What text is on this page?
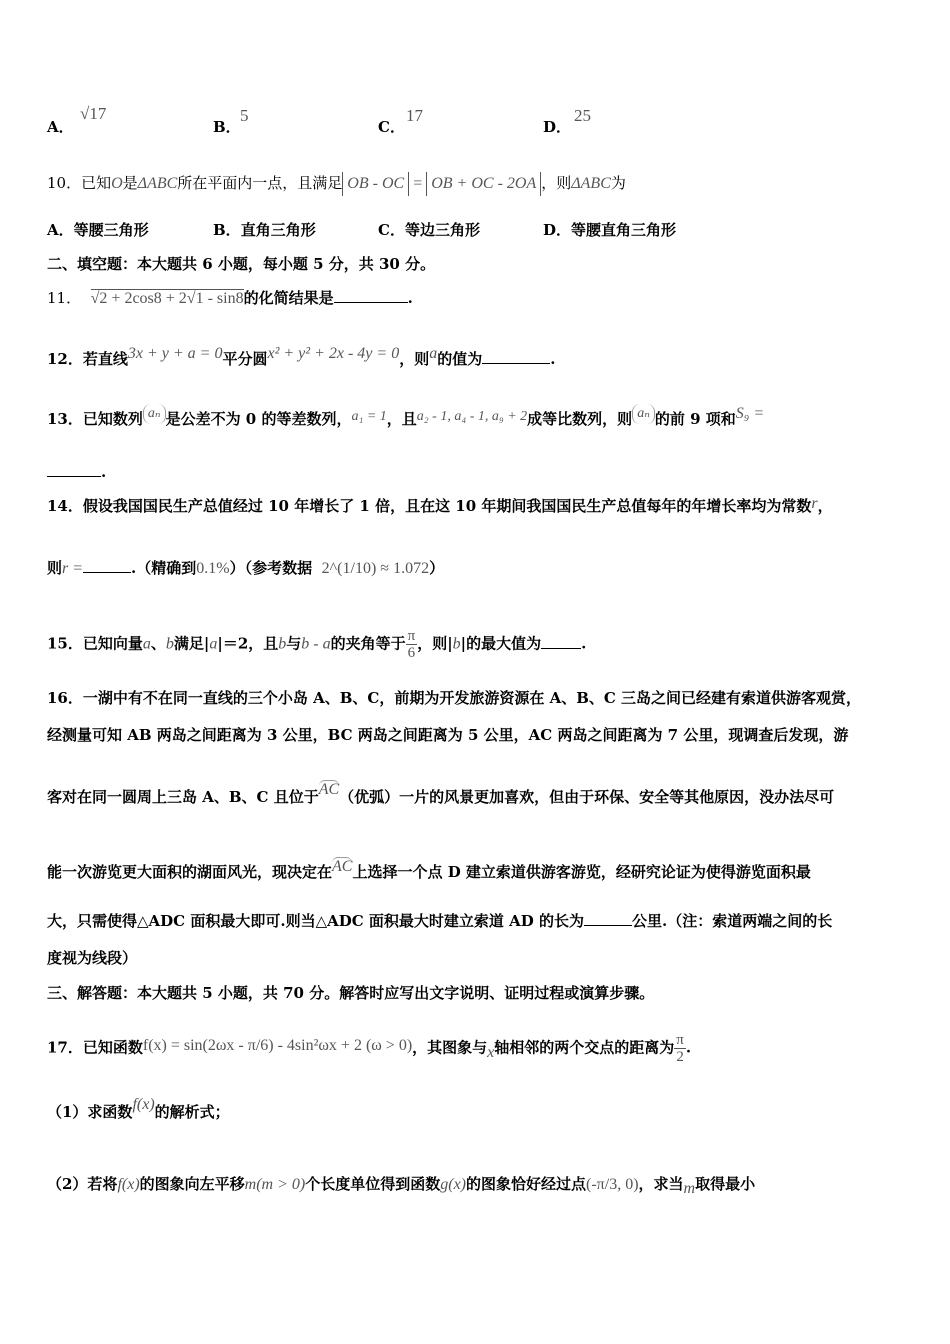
A．
√17
B．
5
C．
17
D．
25
10．已知O是ΔABC所在平面内一点，且满足 OB - OC = OB + OC - 2OA ，则ΔABC为
A．等腰三角形	B．直角三角形	C．等边三角形	D．等腰直角三角形
二、填空题：本大题共 6 小题，每小题 5 分，共 30 分。
11． √2 + 2cos8 + 2√1 - sin8的化简结果是	.
12．若直线3x + y + a = 0平分圆x² + y² + 2x - 4y = 0，则a的值为	.
13．已知数列 aₙ 是公差不为 0 的等差数列，a₁ = 1，且a₂ - 1, a₄ - 1, a₉ + 2成等比数列，则 aₙ 的前 9 项和S₉ =
.
14．假设我国国民生产总值经过 10 年增长了 1 倍，且在这 10 年期间我国国民生产总值每年的年增长率均为常数r，
则r =	.（精确到0.1%）（参考数据 2^(1/10) ≈ 1.072）
15．已知向量a、b满足|a|＝2，且b与b - a的夹角等于 $\frac{\pi}{6}$ ，则|b|的最大值为	.
16．一湖中有不在同一直线的三个小岛 A、B、C，前期为开发旅游资源在 A、B、C 三岛之间已经建有索道供游客观赏，
经测量可知 AB 两岛之间距离为 3 公里，BC 两岛之间距离为 5 公里，AC 两岛之间距离为 7 公里，现调查后发现，游
客对在同一圆周上三岛 A、B、C 且位于AC（优弧）一片的风景更加喜欢，但由于环保、安全等其他原因，没办法尽可
能一次游览更大面积的湖面风光，现决定在AC上选择一个点 D 建立索道供游客游览，经研究论证为使得游览面积最
大，只需使得△ADC 面积最大即可.则当△ADC 面积最大时建立索道 AD 的长为	公里.（注：索道两端之间的长
度视为线段）
三、解答题：本大题共 5 小题，共 70 分。解答时应写出文字说明、证明过程或演算步骤。
17．已知函数f(x) = sin(2ωx - π/6) - 4sin²ωx + 2 (ω > 0)，其图象与x轴相邻的两个交点的距离为 $\frac{\pi}{2}$ .
（1）求函数f(x)的解析式；
（2）若将f(x)的图象向左平移m(m > 0)个长度单位得到函数g(x)的图象恰好经过点(-π/3, 0)，求当m取得最小
